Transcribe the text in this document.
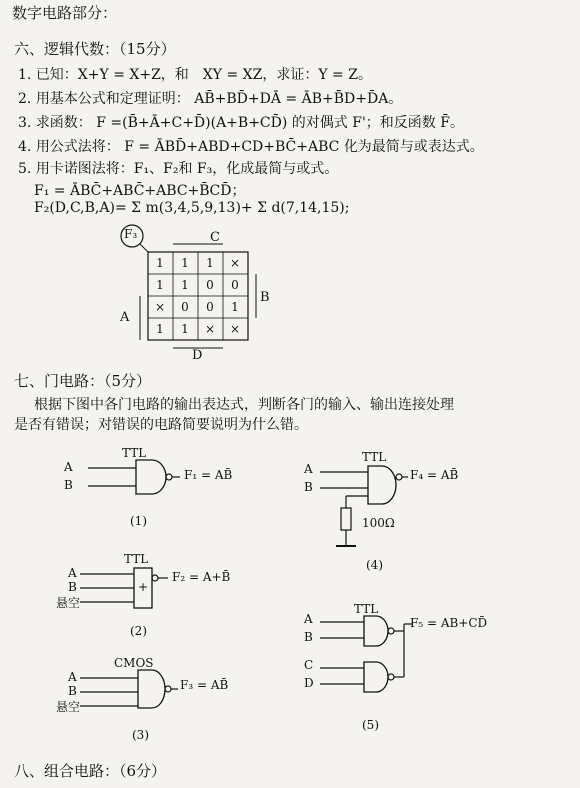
数字电路部分：
六、逻辑代数：（15分）
1. 已知：X+Y = X+Z，和　XY = XZ，求证：Y = Z。
2. 用基本公式和定理证明： AB̄+BD̄+DĀ = ĀB+B̄D+D̄A。
3. 求函数： F =(B̄+Ā+C+D̄)(A+B+CD̄) 的对偶式 F'；和反函数 F̄。
4. 用公式法将： F = ĀBD̄+ABD+CD+BC̄+ABC 化为最简与或表达式。
5. 用卡诺图法将：F₁、F₂和 F₃，化成最简与或式。
F₁ = ĀBC̄+ABC̄+ABC+B̄CD̄；
F₂(D,C,B,A)= Σ m(3,4,5,9,13)+ Σ d(7,14,15);
F₃	C
B
A
D
1	1	1	×
1	1	0	0
×	0	0	1
1	1	×	×
七、门电路：（5分）
根据下图中各门电路的输出表达式，判断各门的输入、输出连接处理
是否有错误；对错误的电路简要说明为什么错。
TTL
A
B
F₁ = AB̄
(1)
TTL
+
A
B
悬空
F₂ = A+B̄
(2)
CMOS
A
B
悬空
F₃ = AB̄
(3)
TTL
A
B
100Ω
F₄ = AB̄
(4)
TTL
A
B
C
D
F₅ = AB+CD̄
(5)
八、组合电路：（6分）
